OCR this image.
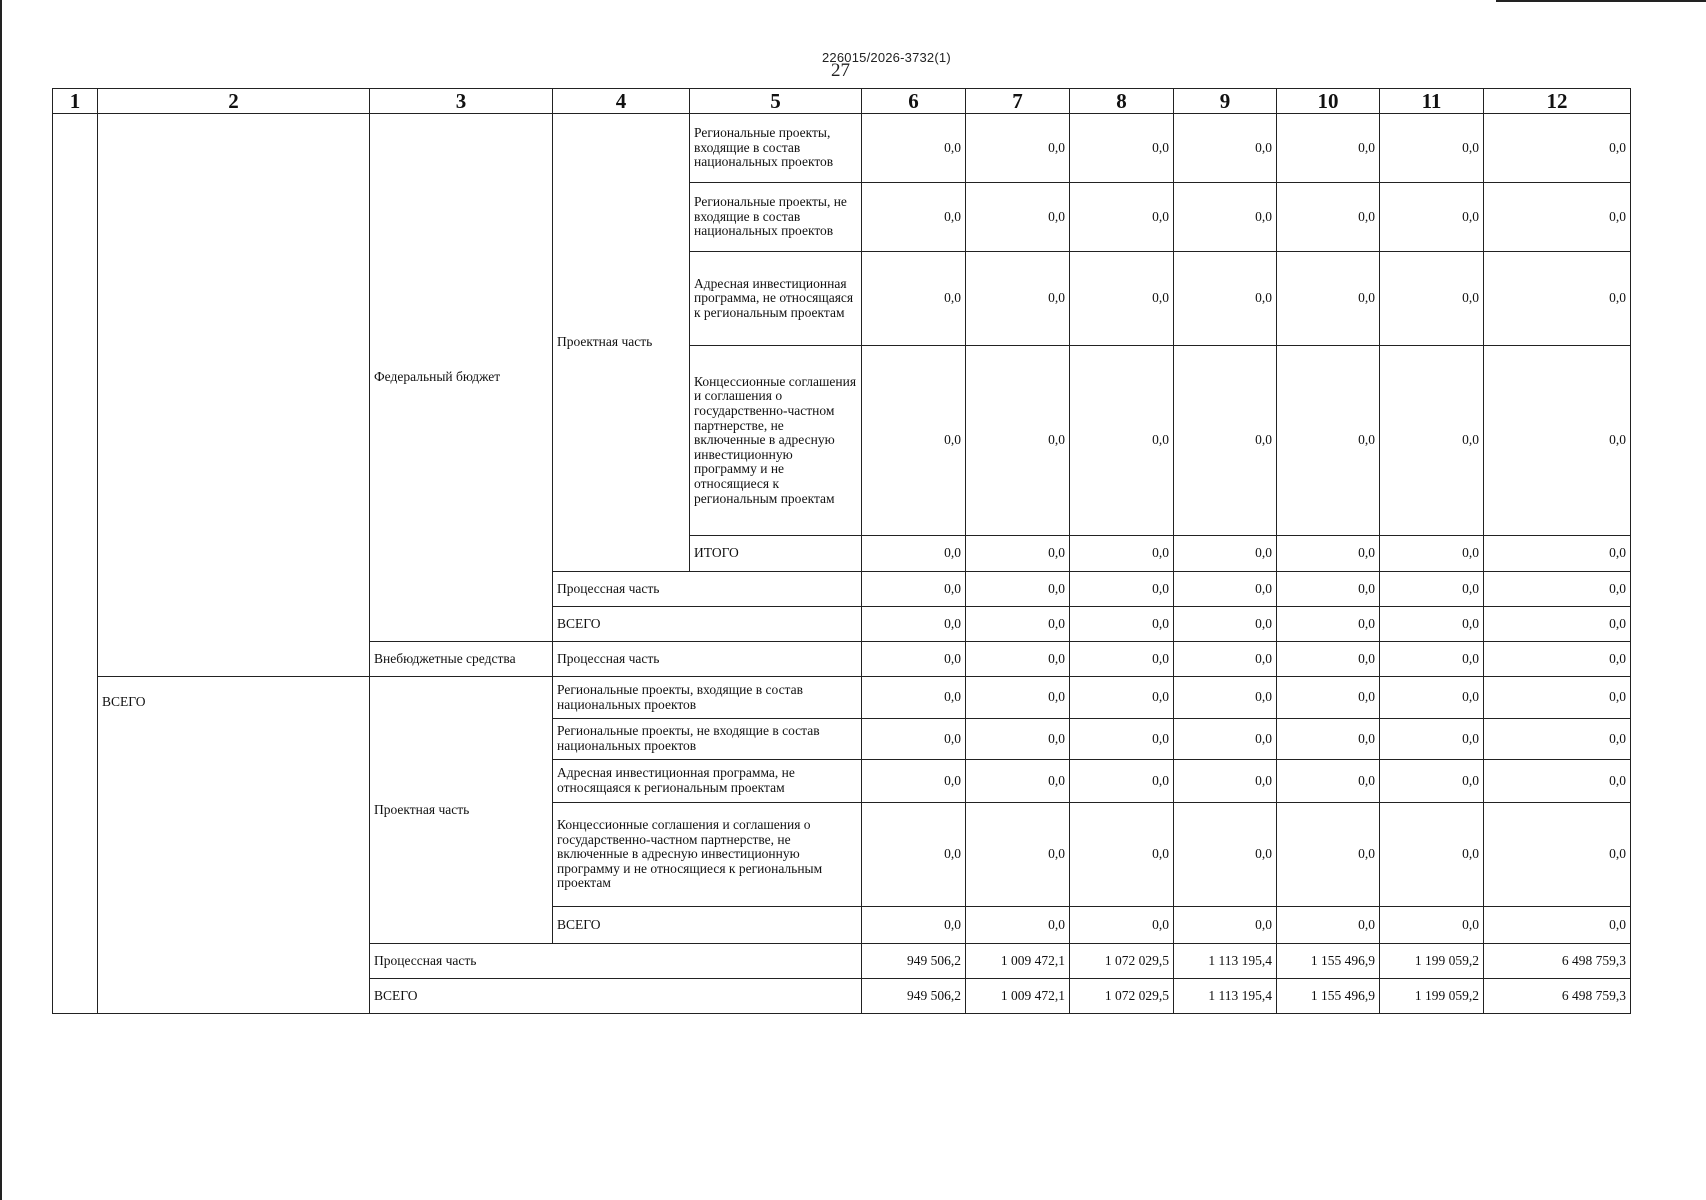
226015/2026-3732(1)
27
1	2	3	4	5	6	7	8	9	10	11	12
		Федеральный бюджет	Проектная часть	Региональные проекты, входящие в состав национальных проектов	0,0	0,0	0,0	0,0	0,0	0,0	0,0
				Региональные проекты, не входящие в состав национальных проектов	0,0	0,0	0,0	0,0	0,0	0,0	0,0
				Адресная инвестиционная программа, не относящаяся к региональным проектам	0,0	0,0	0,0	0,0	0,0	0,0	0,0
				Концессионные соглашения и соглашения о государственно-частном партнерстве, не включенные в адресную инвестиционную программу и не относящиеся к региональным проектам	0,0	0,0	0,0	0,0	0,0	0,0	0,0
				ИТОГО	0,0	0,0	0,0	0,0	0,0	0,0	0,0
			Процессная часть		0,0	0,0	0,0	0,0	0,0	0,0	0,0
			ВСЕГО		0,0	0,0	0,0	0,0	0,0	0,0	0,0
		Внебюджетные средства	Процессная часть		0,0	0,0	0,0	0,0	0,0	0,0	0,0
	ВСЕГО	Проектная часть	Региональные проекты, входящие в состав национальных проектов		0,0	0,0	0,0	0,0	0,0	0,0	0,0
			Региональные проекты, не входящие в состав национальных проектов		0,0	0,0	0,0	0,0	0,0	0,0	0,0
			Адресная инвестиционная программа, не относящаяся к региональным проектам		0,0	0,0	0,0	0,0	0,0	0,0	0,0
			Концессионные соглашения и соглашения о государственно-частном партнерстве, не включенные в адресную инвестиционную программу и не относящиеся к региональным проектам		0,0	0,0	0,0	0,0	0,0	0,0	0,0
			ВСЕГО		0,0	0,0	0,0	0,0	0,0	0,0	0,0
		Процессная часть			949 506,2	1 009 472,1	1 072 029,5	1 113 195,4	1 155 496,9	1 199 059,2	6 498 759,3
		ВСЕГО			949 506,2	1 009 472,1	1 072 029,5	1 113 195,4	1 155 496,9	1 199 059,2	6 498 759,3
